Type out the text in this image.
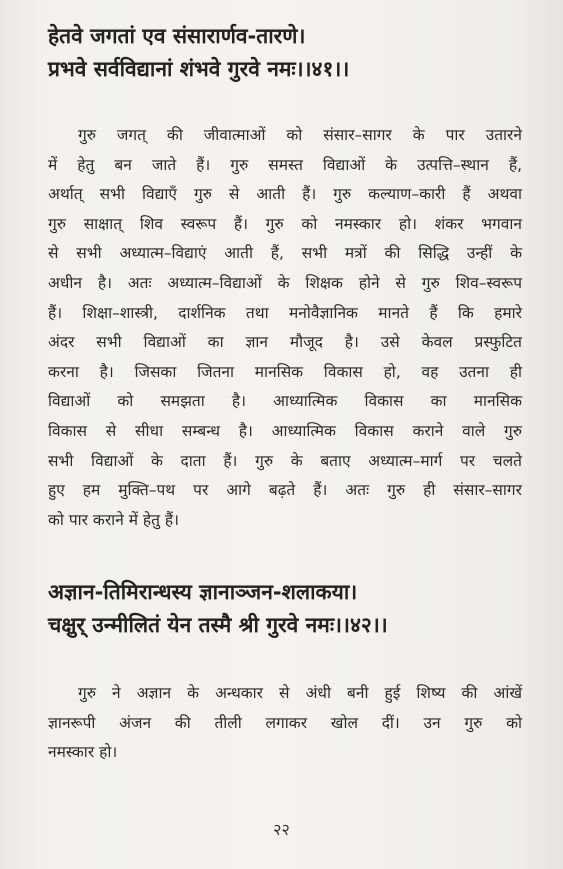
हेतवे जगतां एव संसारार्णव-तारणे।
प्रभवे सर्वविद्यानां शंभवे गुरवे नमः।।४१।।
गुरु जगत् की जीवात्माओं को संसार–सागर के पार उतारने
में हेतु बन जाते हैं। गुरु समस्त विद्याओं के उत्पत्ति–स्थान हैं,
अर्थात् सभी विद्याएँ गुरु से आती हैं। गुरु कल्याण–कारी हैं अथवा
गुरु साक्षात् शिव स्वरूप हैं। गुरु को नमस्कार हो। शंकर भगवान
से सभी अध्यात्म–विद्याएं आती हैं, सभी मत्रों की सिद्धि उन्हीं के
अधीन है। अतः अध्यात्म–विद्याओं के शिक्षक होने से गुरु शिव–स्वरूप
हैं। शिक्षा–शास्त्री, दार्शनिक तथा मनोवैज्ञानिक मानते हैं कि हमारे
अंदर सभी विद्याओं का ज्ञान मौजूद है। उसे केवल प्रस्फुटित
करना है। जिसका जितना मानसिक विकास हो, वह उतना ही
विद्याओं को समझता है। आध्यात्मिक विकास का मानसिक
विकास से सीधा सम्बन्ध है। आध्यात्मिक विकास कराने वाले गुरु
सभी विद्याओं के दाता हैं। गुरु के बताए अध्यात्म–मार्ग पर चलते
हुए हम मुक्ति–पथ पर आगे बढ़ते हैं। अतः गुरु ही संसार–सागर
को पार कराने में हेतु हैं।
अज्ञान-तिमिरान्धस्य ज्ञानाञ्जन-शलाकया।
चक्षुर् उन्मीलितं येन तस्मै श्री गुरवे नमः।।४२।।
गुरु ने अज्ञान के अन्धकार से अंधी बनी हुई शिष्य की आंखें
ज्ञानरूपी अंजन की तीली लगाकर खोल दीं। उन गुरु को
नमस्कार हो।
२२
